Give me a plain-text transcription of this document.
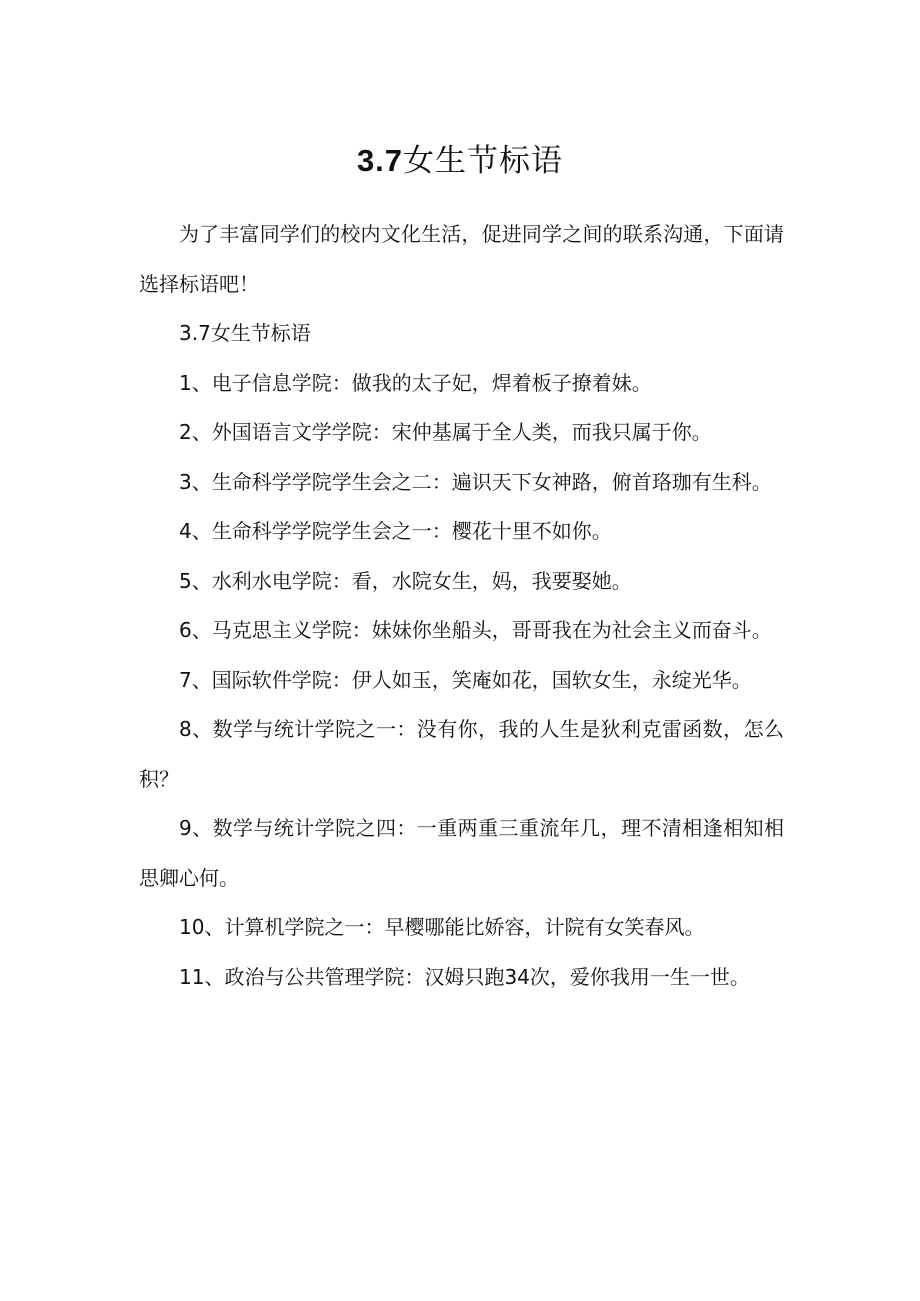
3.7女生节标语

为了丰富同学们的校内文化生活，促进同学之间的联系沟通，下面请选择标语吧！

3.7女生节标语

1、电子信息学院：做我的太子妃，焊着板子撩着妹。

2、外国语言文学学院：宋仲基属于全人类，而我只属于你。

3、生命科学学院学生会之二：遍识天下女神路，俯首珞珈有生科。

4、生命科学学院学生会之一：樱花十里不如你。

5、水利水电学院：看，水院女生，妈，我要娶她。

6、马克思主义学院：妹妹你坐船头，哥哥我在为社会主义而奋斗。

7、国际软件学院：伊人如玉，笑庵如花，国软女生，永绽光华。

8、数学与统计学院之一：没有你，我的人生是狄利克雷函数，怎么积？

9、数学与统计学院之四：一重两重三重流年几，理不清相逢相知相思卿心何。

10、计算机学院之一：早樱哪能比娇容，计院有女笑春风。

11、政治与公共管理学院：汉姆只跑34次，爱你我用一生一世。
